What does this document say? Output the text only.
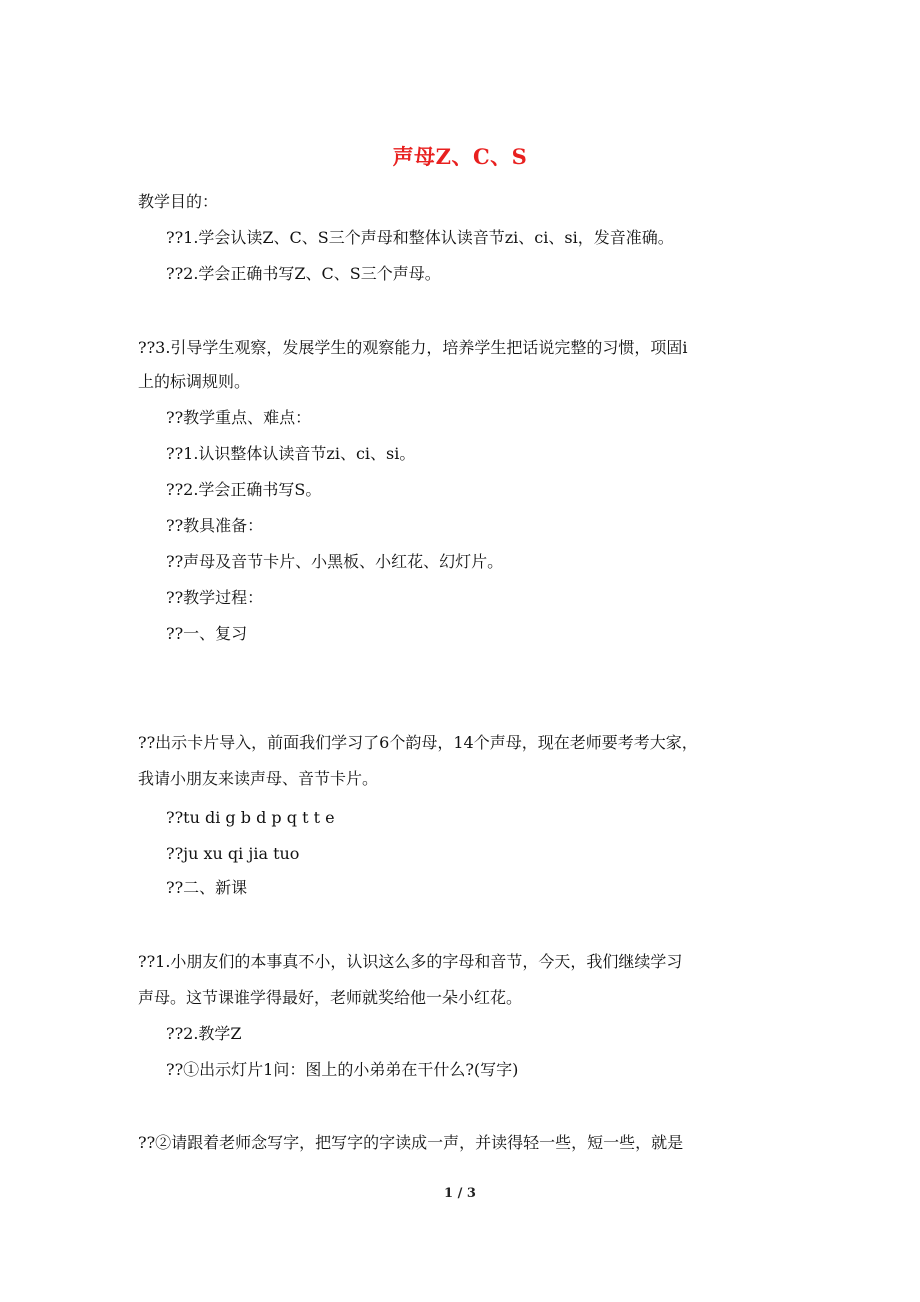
声母Z、C、S
教学目的：
??1.学会认读Z、C、S三个声母和整体认读音节zi、ci、si，发音准确。
??2.学会正确书写Z、C、S三个声母。
??3.引导学生观察，发展学生的观察能力，培养学生把话说完整的习惯，项固i
上的标调规则。
??教学重点、难点：
??1.认识整体认读音节zi、ci、si。
??2.学会正确书写S。
??教具准备：
??声母及音节卡片、小黑板、小红花、幻灯片。
??教学过程：
??一、复习
??出示卡片导入，前面我们学习了6个韵母，14个声母，现在老师要考考大家，
我请小朋友来读声母、音节卡片。
??tu di g b d p q t t e
??ju xu qi jia tuo
??二、新课
??1.小朋友们的本事真不小，认识这么多的字母和音节，今天，我们继续学习
声母。这节课谁学得最好，老师就奖给他一朵小红花。
??2.教学Z
??①出示灯片1问：图上的小弟弟在干什么?(写字)
??②请跟着老师念写字，把写字的字读成一声，并读得轻一些，短一些，就是
1 / 3
